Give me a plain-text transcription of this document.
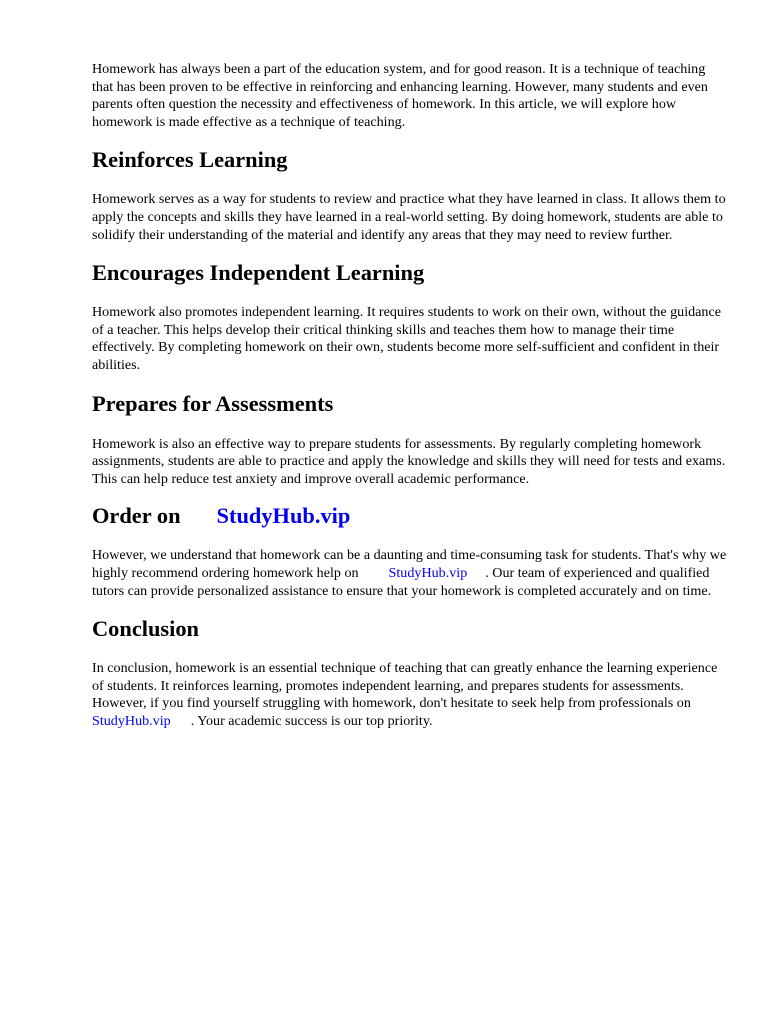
Homework has always been a part of the education system, and for good reason. It is a technique of teaching that has been proven to be effective in reinforcing and enhancing learning. However, many students and even parents often question the necessity and effectiveness of homework. In this article, we will explore how homework is made effective as a technique of teaching.

Reinforces Learning

Homework serves as a way for students to review and practice what they have learned in class. It allows them to apply the concepts and skills they have learned in a real-world setting. By doing homework, students are able to solidify their understanding of the material and identify any areas that they may need to review further.

Encourages Independent Learning

Homework also promotes independent learning. It requires students to work on their own, without the guidance of a teacher. This helps develop their critical thinking skills and teaches them how to manage their time effectively. By completing homework on their own, students become more self-sufficient and confident in their abilities.

Prepares for Assessments

Homework is also an effective way to prepare students for assessments. By regularly completing homework assignments, students are able to practice and apply the knowledge and skills they will need for tests and exams. This can help reduce test anxiety and improve overall academic performance.

Order on StudyHub.vip

However, we understand that homework can be a daunting and time-consuming task for students. That's why we highly recommend ordering homework help on StudyHub.vip . Our team of experienced and qualified tutors can provide personalized assistance to ensure that your homework is completed accurately and on time.

Conclusion

In conclusion, homework is an essential technique of teaching that can greatly enhance the learning experience of students. It reinforces learning, promotes independent learning, and prepares students for assessments. However, if you find yourself struggling with homework, don't hesitate to seek help from professionals onStudyHub.vip . Your academic success is our top priority.
